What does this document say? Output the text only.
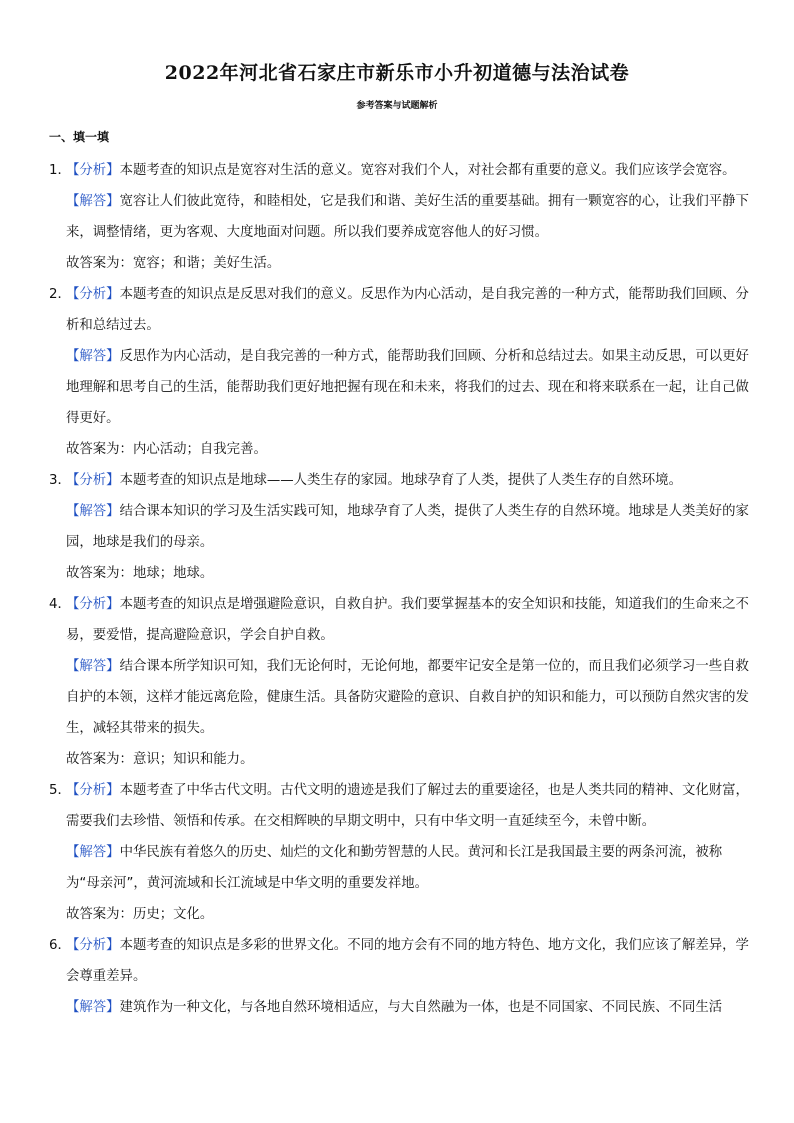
2022年河北省石家庄市新乐市小升初道德与法治试卷
参考答案与试题解析
一、填一填
1．
【分析】本题考查的知识点是宽容对生活的意义。宽容对我们个人，对社会都有重要的意义。我们应该学会宽容。
【解答】宽容让人们彼此宽待，和睦相处，它是我们和谐、美好生活的重要基础。拥有一颗宽容的心，让我们平静下来，调整情绪，更为客观、大度地面对问题。所以我们要养成宽容他人的好习惯。
故答案为：宽容；和谐；美好生活。
2．
【分析】本题考查的知识点是反思对我们的意义。反思作为内心活动，是自我完善的一种方式，能帮助我们回顾、分析和总结过去。
【解答】反思作为内心活动，是自我完善的一种方式，能帮助我们回顾、分析和总结过去。如果主动反思，可以更好地理解和思考自己的生活，能帮助我们更好地把握有现在和未来，将我们的过去、现在和将来联系在一起，让自己做得更好。
故答案为：内心活动；自我完善。
3．
【分析】本题考查的知识点是地球——人类生存的家园。地球孕育了人类，提供了人类生存的自然环境。
【解答】结合课本知识的学习及生活实践可知，地球孕育了人类，提供了人类生存的自然环境。地球是人类美好的家园，地球是我们的母亲。
故答案为：地球；地球。
4．
【分析】本题考查的知识点是增强避险意识，自救自护。我们要掌握基本的安全知识和技能，知道我们的生命来之不易，要爱惜，提高避险意识，学会自护自救。
【解答】结合课本所学知识可知，我们无论何时，无论何地，都要牢记安全是第一位的，而且我们必须学习一些自救自护的本领，这样才能远离危险，健康生活。具备防灾避险的意识、自救自护的知识和能力，可以预防自然灾害的发生，减轻其带来的损失。
故答案为：意识；知识和能力。
5．
【分析】本题考查了中华古代文明。古代文明的遗迹是我们了解过去的重要途径，也是人类共同的精神、文化财富，需要我们去珍惜、领悟和传承。在交相辉映的早期文明中，只有中华文明一直延续至今，未曾中断。
【解答】中华民族有着悠久的历史、灿烂的文化和勤劳智慧的人民。黄河和长江是我国最主要的两条河流，被称为“母亲河”，黄河流域和长江流域是中华文明的重要发祥地。
故答案为：历史；文化。
6．
【分析】本题考查的知识点是多彩的世界文化。不同的地方会有不同的地方特色、地方文化，我们应该了解差异，学会尊重差异。
【解答】建筑作为一种文化，与各地自然环境相适应，与大自然融为一体，也是不同国家、不同民族、不同生活
